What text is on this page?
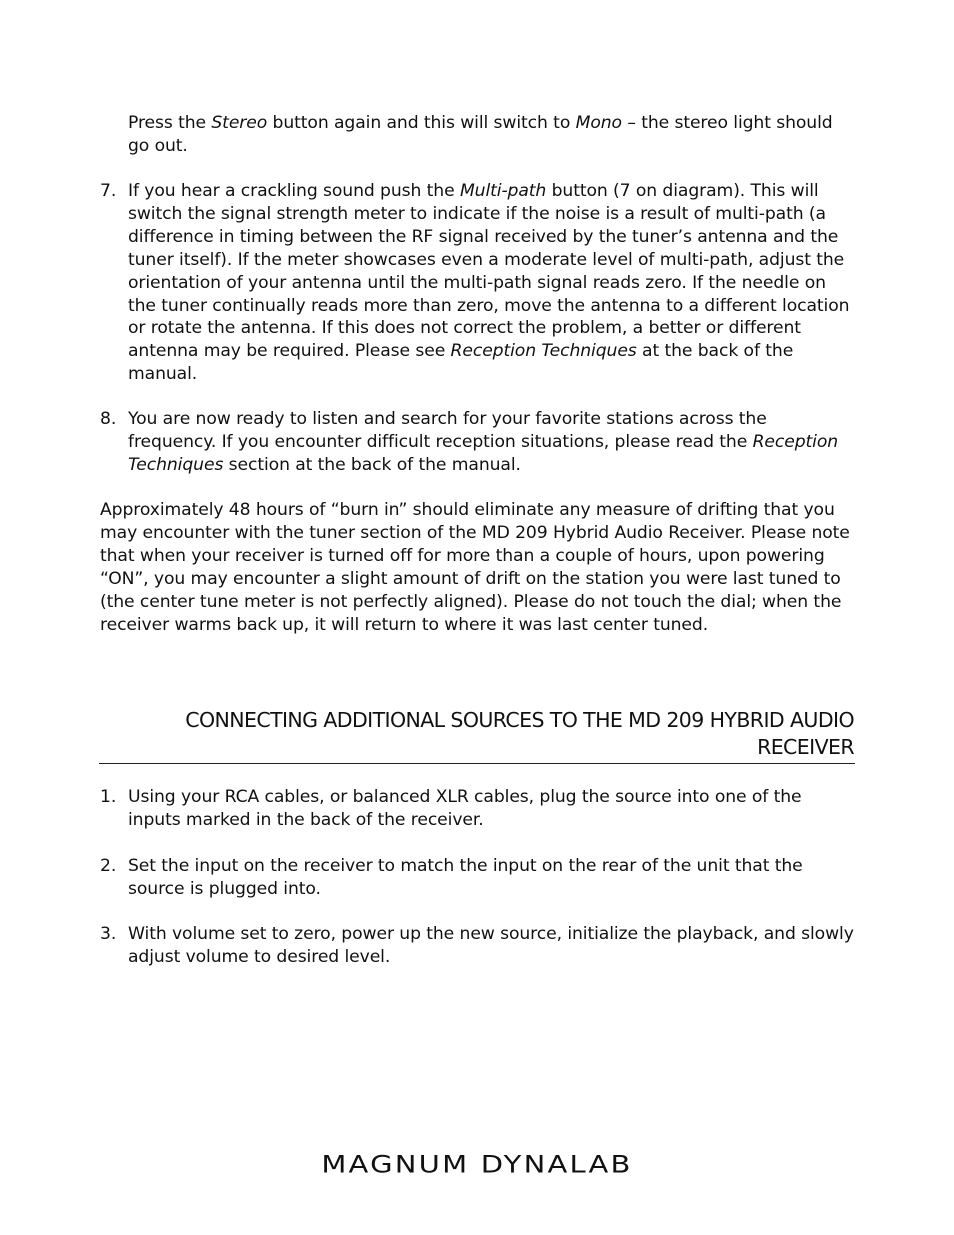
Press the Stereo button again and this will switch to Mono – the stereo light should go out.
7. If you hear a crackling sound push the Multi-path button (7 on diagram). This will switch the signal strength meter to indicate if the noise is a result of multi-path (a difference in timing between the RF signal received by the tuner’s antenna and the tuner itself). If the meter showcases even a moderate level of multi-path, adjust the orientation of your antenna until the multi-path signal reads zero. If the needle on the tuner continually reads more than zero, move the antenna to a different location or rotate the antenna. If this does not correct the problem, a better or different antenna may be required. Please see Reception Techniques at the back of the manual.
8. You are now ready to listen and search for your favorite stations across the frequency. If you encounter difficult reception situations, please read the Reception Techniques section at the back of the manual.
Approximately 48 hours of “burn in” should eliminate any measure of drifting that you may encounter with the tuner section of the MD 209 Hybrid Audio Receiver. Please note that when your receiver is turned off for more than a couple of hours, upon powering “ON”, you may encounter a slight amount of drift on the station you were last tuned to (the center tune meter is not perfectly aligned). Please do not touch the dial; when the receiver warms back up, it will return to where it was last center tuned.
CONNECTING ADDITIONAL SOURCES TO THE MD 209 HYBRID AUDIO
RECEIVER
1. Using your RCA cables, or balanced XLR cables, plug the source into one of the inputs marked in the back of the receiver.
2. Set the input on the receiver to match the input on the rear of the unit that the source is plugged into.
3. With volume set to zero, power up the new source, initialize the playback, and slowly adjust volume to desired level.
MAGNUM DYNALAB
